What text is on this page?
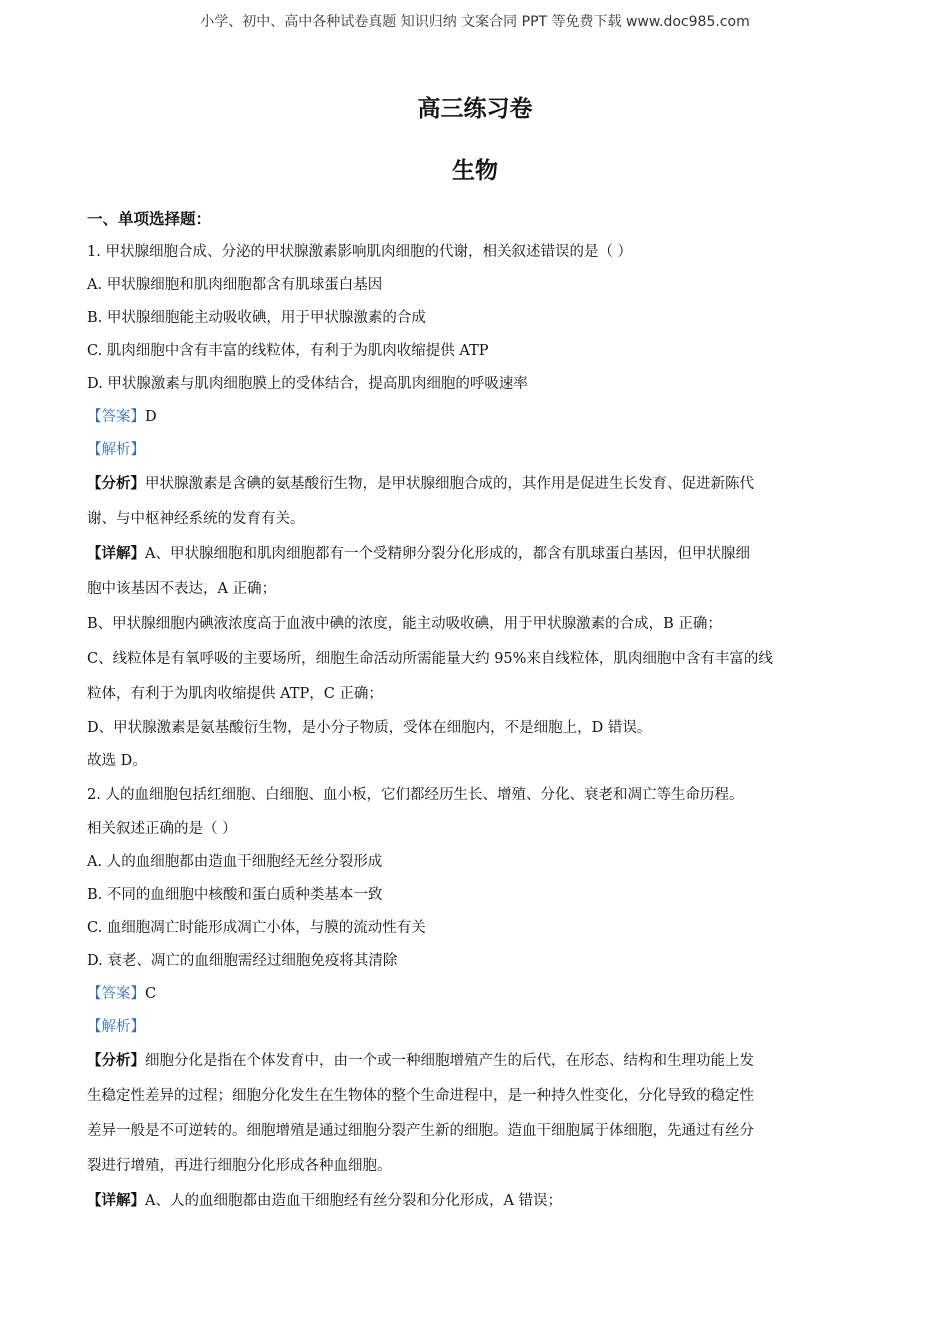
小学、初中、高中各种试卷真题 知识归纳 文案合同 PPT 等免费下载 www.doc985.com
高三练习卷
生物

一、单项选择题：

1. 甲状腺细胞合成、分泌的甲状腺激素影响肌肉细胞的代谢，相关叙述错误的是（ ）

A. 甲状腺细胞和肌肉细胞都含有肌球蛋白基因

B. 甲状腺细胞能主动吸收碘，用于甲状腺激素的合成

C. 肌肉细胞中含有丰富的线粒体，有利于为肌肉收缩提供 ATP

D. 甲状腺激素与肌肉细胞膜上的受体结合，提高肌肉细胞的呼吸速率

【答案】D

【解析】

【分析】甲状腺激素是含碘的氨基酸衍生物，是甲状腺细胞合成的，其作用是促进生长发育、促进新陈代

谢、与中枢神经系统的发育有关。

【详解】A、甲状腺细胞和肌肉细胞都有一个受精卵分裂分化形成的，都含有肌球蛋白基因，但甲状腺细

胞中该基因不表达，A 正确；

B、甲状腺细胞内碘液浓度高于血液中碘的浓度，能主动吸收碘，用于甲状腺激素的合成，B 正确；

C、线粒体是有氧呼吸的主要场所，细胞生命活动所需能量大约 95%来自线粒体，肌肉细胞中含有丰富的线

粒体，有利于为肌肉收缩提供 ATP，C 正确；

D、甲状腺激素是氨基酸衍生物，是小分子物质，受体在细胞内，不是细胞上，D 错误。

故选 D。

2. 人的血细胞包括红细胞、白细胞、血小板，它们都经历生长、增殖、分化、衰老和凋亡等生命历程。

相关叙述正确的是（ ）

A. 人的血细胞都由造血干细胞经无丝分裂形成

B. 不同的血细胞中核酸和蛋白质种类基本一致

C. 血细胞凋亡时能形成凋亡小体，与膜的流动性有关

D. 衰老、凋亡的血细胞需经过细胞免疫将其清除

【答案】C

【解析】

【分析】细胞分化是指在个体发育中，由一个或一种细胞增殖产生的后代，在形态、结构和生理功能上发

生稳定性差异的过程；细胞分化发生在生物体的整个生命进程中，是一种持久性变化，分化导致的稳定性

差异一般是不可逆转的。细胞增殖是通过细胞分裂产生新的细胞。造血干细胞属于体细胞，先通过有丝分

裂进行增殖，再进行细胞分化形成各种血细胞。

【详解】A、人的血细胞都由造血干细胞经有丝分裂和分化形成，A 错误；
